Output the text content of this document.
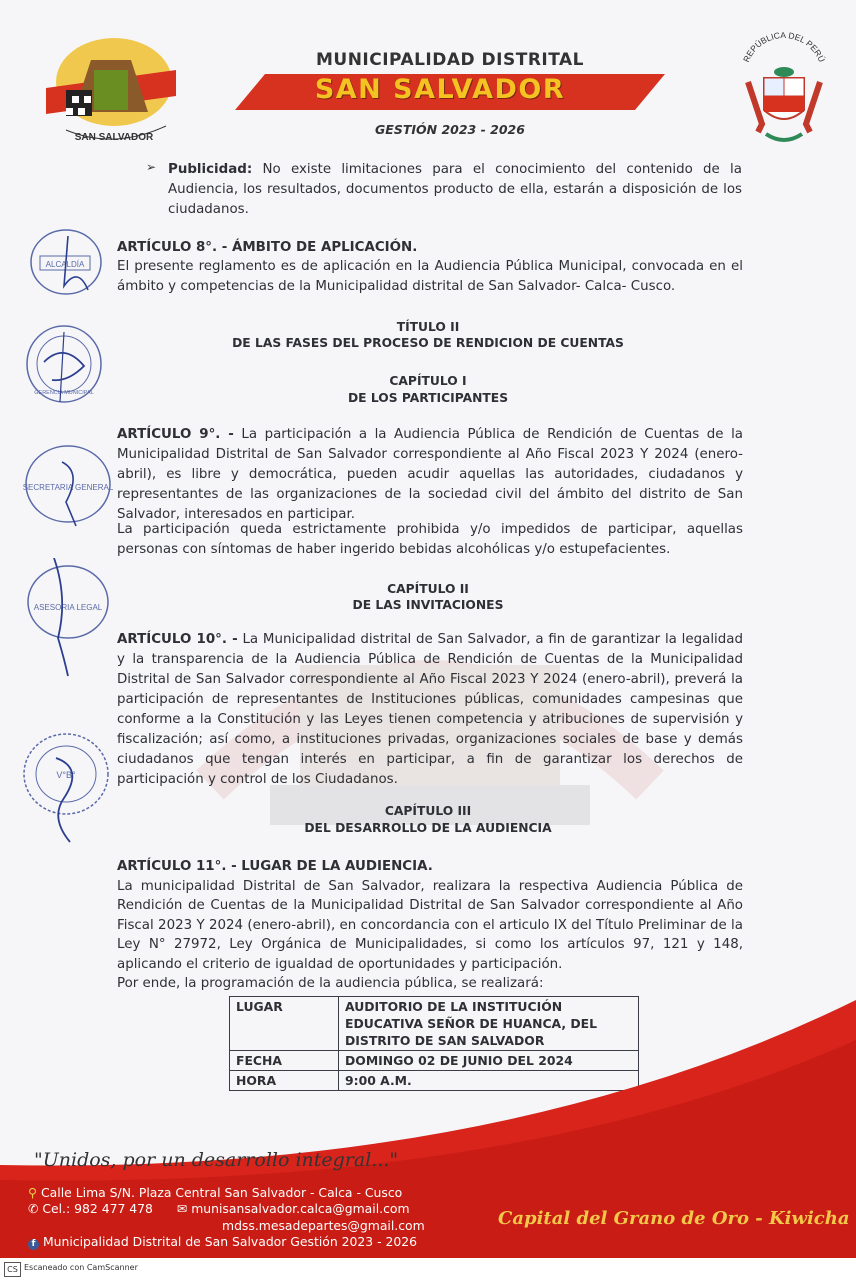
SAN SALVADOR
MUNICIPALIDAD DISTRITAL
SAN SALVADOR
GESTIÓN 2023 - 2026
REPÚBLICA DEL PERÚ
➢ Publicidad: No existe limitaciones para el conocimiento del contenido de la Audiencia, los resultados, documentos producto de ella, estarán a disposición de los ciudadanos.
ARTÍCULO 8°. - ÁMBITO DE APLICACIÓN.
El presente reglamento es de aplicación en la Audiencia Pública Municipal, convocada en el ámbito y competencias de la Municipalidad distrital de San Salvador- Calca- Cusco.
TÍTULO II
DE LAS FASES DEL PROCESO DE RENDICION DE CUENTAS
CAPÍTULO I
DE LOS PARTICIPANTES
ARTÍCULO 9°. - La participación a la Audiencia Pública de Rendición de Cuentas de la Municipalidad Distrital de San Salvador correspondiente al Año Fiscal 2023 Y 2024 (enero-abril), es libre y democrática, pueden acudir aquellas las autoridades, ciudadanos y representantes de las organizaciones de la sociedad civil del ámbito del distrito de San Salvador, interesados en participar.
La participación queda estrictamente prohibida y/o impedidos de participar, aquellas personas con síntomas de haber ingerido bebidas alcohólicas y/o estupefacientes.
CAPÍTULO II
DE LAS INVITACIONES
ARTÍCULO 10°. - La Municipalidad distrital de San Salvador, a fin de garantizar la legalidad y la transparencia de la Audiencia Pública de Rendición de Cuentas de la Municipalidad Distrital de San Salvador correspondiente al Año Fiscal 2023 Y 2024 (enero-abril), preverá la participación de representantes de Instituciones públicas, comunidades campesinas que conforme a la Constitución y las Leyes tienen competencia y atribuciones de supervisión y fiscalización; así como, a instituciones privadas, organizaciones sociales de base y demás ciudadanos que tengan interés en participar, a fin de garantizar los derechos de participación y control de los Ciudadanos.
CAPÍTULO III
DEL DESARROLLO DE LA AUDIENCIA
ARTÍCULO 11°. - LUGAR DE LA AUDIENCIA.
La municipalidad Distrital de San Salvador, realizara la respectiva Audiencia Pública de Rendición de Cuentas de la Municipalidad Distrital de San Salvador correspondiente al Año Fiscal 2023 Y 2024 (enero-abril), en concordancia con el articulo IX del Título Preliminar de la Ley N° 27972, Ley Orgánica de Municipalidades, si como los artículos 97, 121 y 148, aplicando el criterio de igualdad de oportunidades y participación.
Por ende, la programación de la audiencia pública, se realizará:
LUGAR	AUDITORIO DE LA INSTITUCIÓN EDUCATIVA SEÑOR DE HUANCA, DEL DISTRITO DE SAN SALVADOR
FECHA	DOMINGO 02 DE JUNIO DEL 2024
HORA	9:00 A.M.
ALCALDÍA
GERENCIA MUNICIPAL
SECRETARIA GENERAL
ASESORIA LEGAL
V°B°
"Unidos, por un desarrollo integral..."
⚲ Calle Lima S/N. Plaza Central San Salvador - Calca - Cusco
✆ Cel.: 982 477 478 ✉ munisansalvador.calca@gmail.com
mdss.mesadepartes@gmail.com
f Municipalidad Distrital de San Salvador Gestión 2023 - 2026
Capital del Grano de Oro - Kiwicha
CS Escaneado con CamScanner
